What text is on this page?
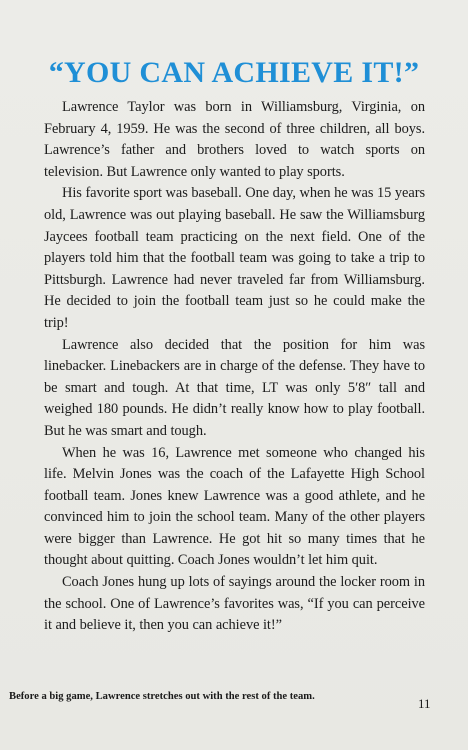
“YOU CAN ACHIEVE IT!”

Lawrence Taylor was born in Williamsburg, Virginia, on February 4, 1959. He was the second of three children, all boys. Lawrence’s father and brothers loved to watch sports on television. But Lawrence only wanted to play sports.

His favorite sport was baseball. One day, when he was 15 years old, Lawrence was out playing baseball. He saw the Williamsburg Jaycees football team practicing on the next field. One of the players told him that the football team was going to take a trip to Pittsburgh. Lawrence had never traveled far from Williamsburg. He decided to join the football team just so he could make the trip!

Lawrence also decided that the position for him was linebacker. Linebackers are in charge of the defense. They have to be smart and tough. At that time, LT was only 5′8″ tall and weighed 180 pounds. He didn’t really know how to play football. But he was smart and tough.

When he was 16, Lawrence met someone who changed his life. Melvin Jones was the coach of the Lafayette High School football team. Jones knew Lawrence was a good athlete, and he convinced him to join the school team. Many of the other players were bigger than Lawrence. He got hit so many times that he thought about quitting. Coach Jones wouldn’t let him quit.

Coach Jones hung up lots of sayings around the locker room in the school. One of Lawrence’s favorites was, “If you can perceive it and believe it, then you can achieve it!”

Before a big game, Lawrence stretches out with the rest of the team.	11
